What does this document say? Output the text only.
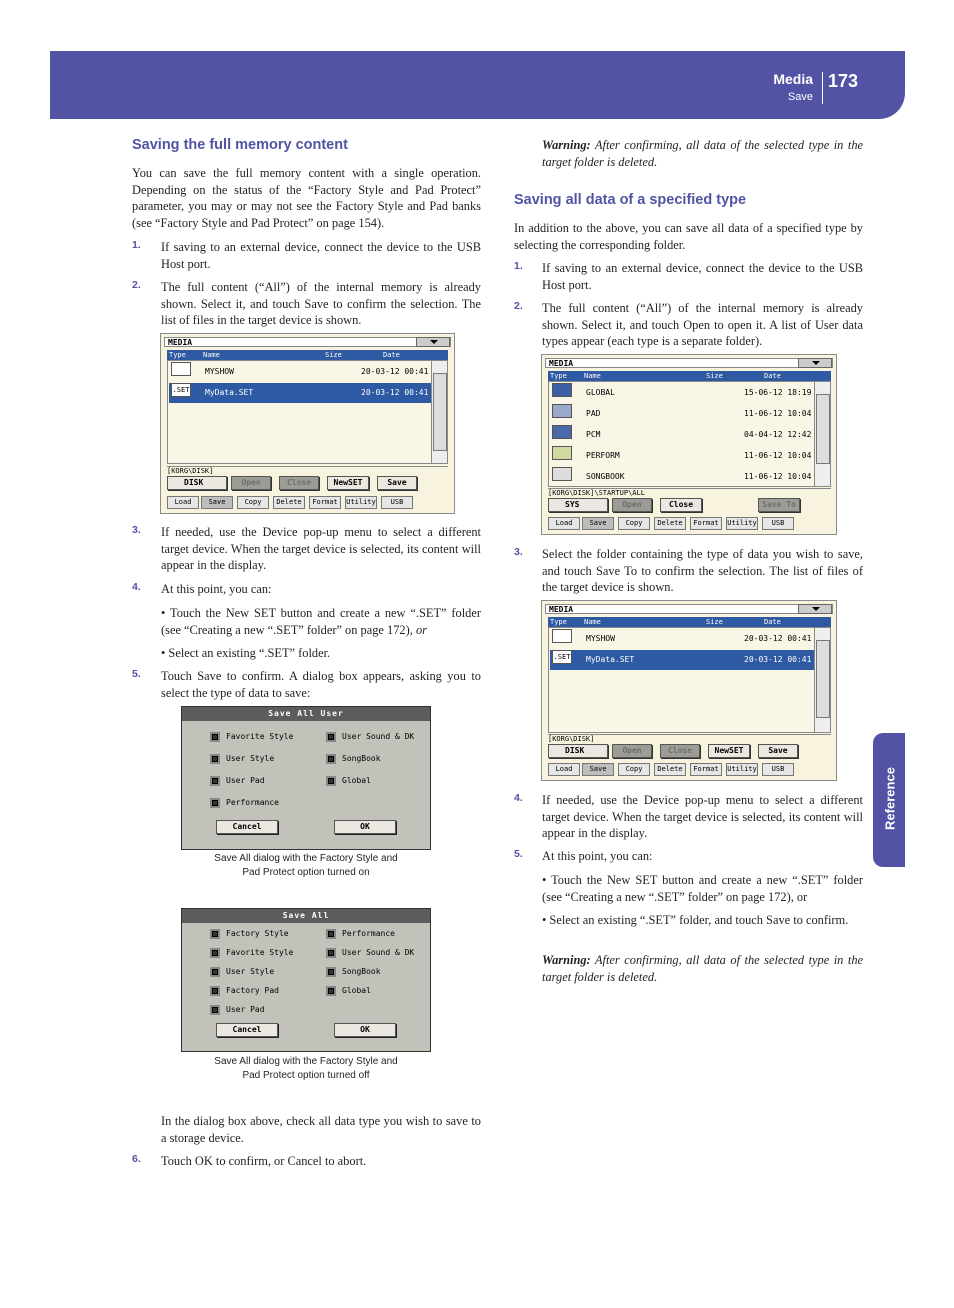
Media
Save
173
Reference
Saving the full memory content
You can save the full memory content with a single operation. Depending on the status of the “Factory Style and Pad Protect” parameter, you may or may not see the Factory Style and Pad banks (see “Factory Style and Pad Protect” on page 154).
1. If saving to an external device, connect the device to the USB Host port.
2. The full content (“All”) of the internal memory is already shown. Select it, and touch Save to confirm the selection. The list of files in the target device is shown.
MEDIA
Type Name	Size	Date
MYSHOW	20-03-12 00:41
.SET MyData.SET	20-03-12 00:41
[KORG\DISK]
DISK	Open	Close	NewSET	Save
Load	Save	Copy	Delete	Format	Utility	USB
3. If needed, use the Device pop-up menu to select a different target device. When the target device is selected, its content will appear in the display.
4. At this point, you can:
• Touch the New SET button and create a new “.SET” folder (see “Creating a new “.SET” folder” on page 172), or
• Select an existing “.SET” folder.
5. Touch Save to confirm. A dialog box appears, asking you to select the type of data to save:
Save All User
Favorite Style	User Sound & DK
User Style	SongBook
User Pad	Global
Performance
Cancel	OK
Save All dialog with the Factory Style and
Pad Protect option turned on
Save All
Factory Style	Performance
Favorite Style	User Sound & DK
User Style	SongBook
Factory Pad	Global
User Pad
Cancel	OK
Save All dialog with the Factory Style and
Pad Protect option turned off
In the dialog box above, check all data type you wish to save to a storage device.
6. Touch OK to confirm, or Cancel to abort.
Warning: After confirming, all data of the selected type in the target folder is deleted.
Saving all data of a specified type
In addition to the above, you can save all data of a specified type by selecting the corresponding folder.
1. If saving to an external device, connect the device to the USB Host port.
2. The full content (“All”) of the internal memory is already shown. Select it, and touch Open to open it. A list of User data types appear (each type is a separate folder).
MEDIA
Type Name	Size	Date
GLOBAL	15-06-12 18:19
PAD	11-06-12 10:04
PCM	04-04-12 12:42
PERFORM	11-06-12 10:04
SONGBOOK	11-06-12 10:04
[KORG\DISK]\STARTUP\ALL
SYS	Open	Close	Save To
Load	Save	Copy	Delete	Format	Utility	USB
3. Select the folder containing the type of data you wish to save, and touch Save To to confirm the selection. The list of files of the target device is shown.
MEDIA
Type Name	Size	Date
MYSHOW	20-03-12 00:41
.SET MyData.SET	20-03-12 00:41
[KORG\DISK]
DISK	Open	Close	NewSET	Save
Load	Save	Copy	Delete	Format	Utility	USB
4. If needed, use the Device pop-up menu to select a different target device. When the target device is selected, its content will appear in the display.
5. At this point, you can:
• Touch the New SET button and create a new “.SET” folder (see “Creating a new “.SET” folder” on page 172), or
• Select an existing “.SET” folder, and touch Save to confirm.
Warning: After confirming, all data of the selected type in the target folder is deleted.
